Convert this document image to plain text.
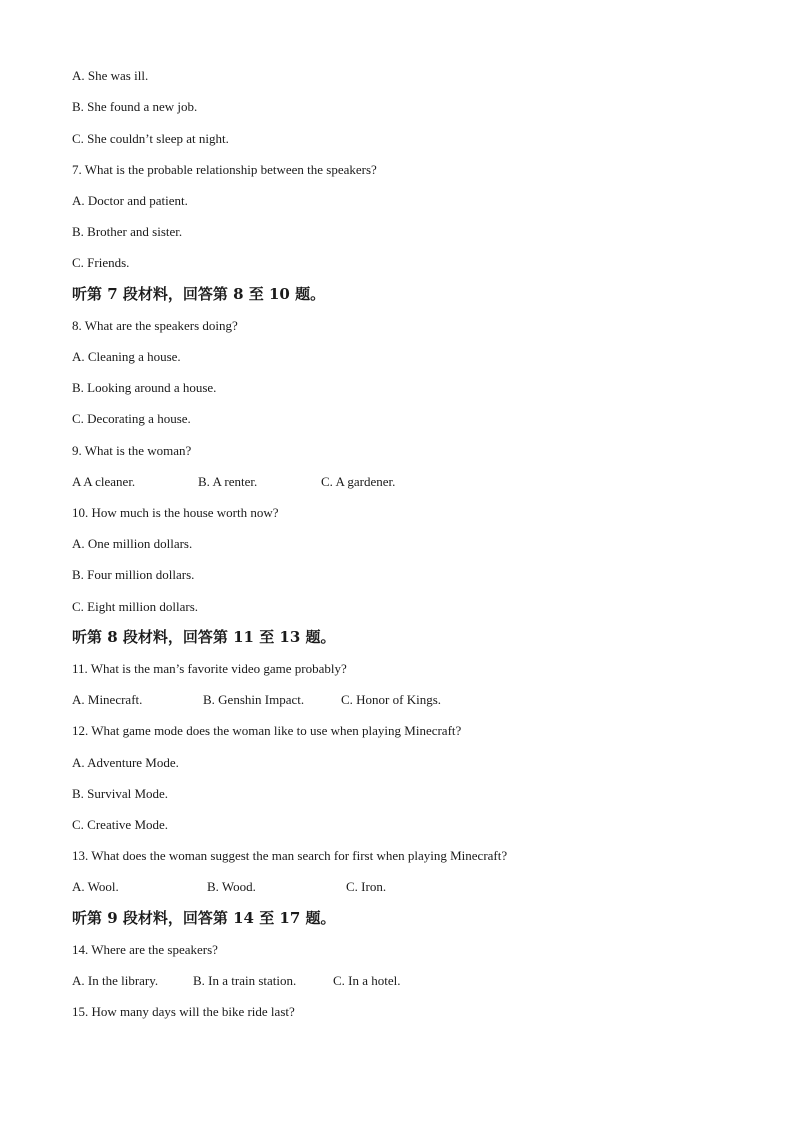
A. She was ill.
B. She found a new job.
C. She couldn’t sleep at night.
7. What is the probable relationship between the speakers?
A. Doctor and patient.
B. Brother and sister.
C. Friends.
听第 7 段材料，回答第 8 至 10 题。
8. What are the speakers doing?
A. Cleaning a house.
B. Looking around a house.
C. Decorating a house.
9. What is the woman?
A A cleaner.	B. A renter.	C. A gardener.
10. How much is the house worth now?
A. One million dollars.
B. Four million dollars.
C. Eight million dollars.
听第 8 段材料，回答第 11 至 13 题。
11. What is the man’s favorite video game probably?
A. Minecraft.	B. Genshin Impact.	C. Honor of Kings.
12. What game mode does the woman like to use when playing Minecraft?
A. Adventure Mode.
B. Survival Mode.
C. Creative Mode.
13. What does the woman suggest the man search for first when playing Minecraft?
A. Wool.	B. Wood.	C. Iron.
听第 9 段材料，回答第 14 至 17 题。
14. Where are the speakers?
A. In the library.	B. In a train station.	C. In a hotel.
15. How many days will the bike ride last?
